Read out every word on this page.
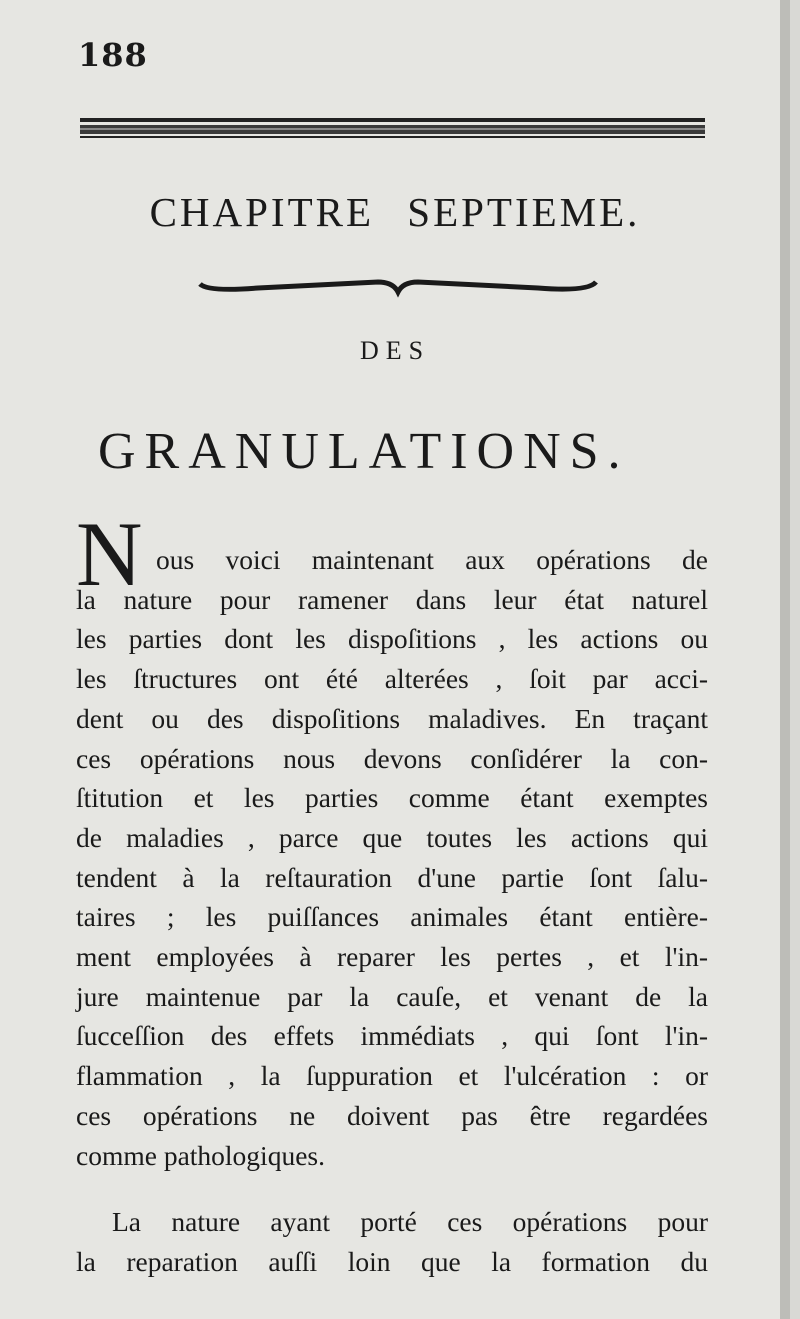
188
CHAPITRE SEPTIEME.
DES
GRANULATIONS.
N ous voici maintenant aux opérations de
la nature pour ramener dans leur état naturel
les parties dont les dispoſitions , les actions ou
les ſtructures ont été alterées , ſoit par acci-
dent ou des dispoſitions maladives. En traçant
ces opérations nous devons conſidérer la con-
ſtitution et les parties comme étant exemptes
de maladies , parce que toutes les actions qui
tendent à la reſtauration d'une partie ſont ſalu-
taires ; les puiſſances animales étant entière-
ment employées à reparer les pertes , et l'in-
jure maintenue par la cauſe, et venant de la
ſucceſſion des effets immédiats , qui ſont l'in-
flammation , la ſuppuration et l'ulcération : or
ces opérations ne doivent pas être regardées
comme pathologiques.
La nature ayant porté ces opérations pour
la reparation auſſi loin que la formation du
